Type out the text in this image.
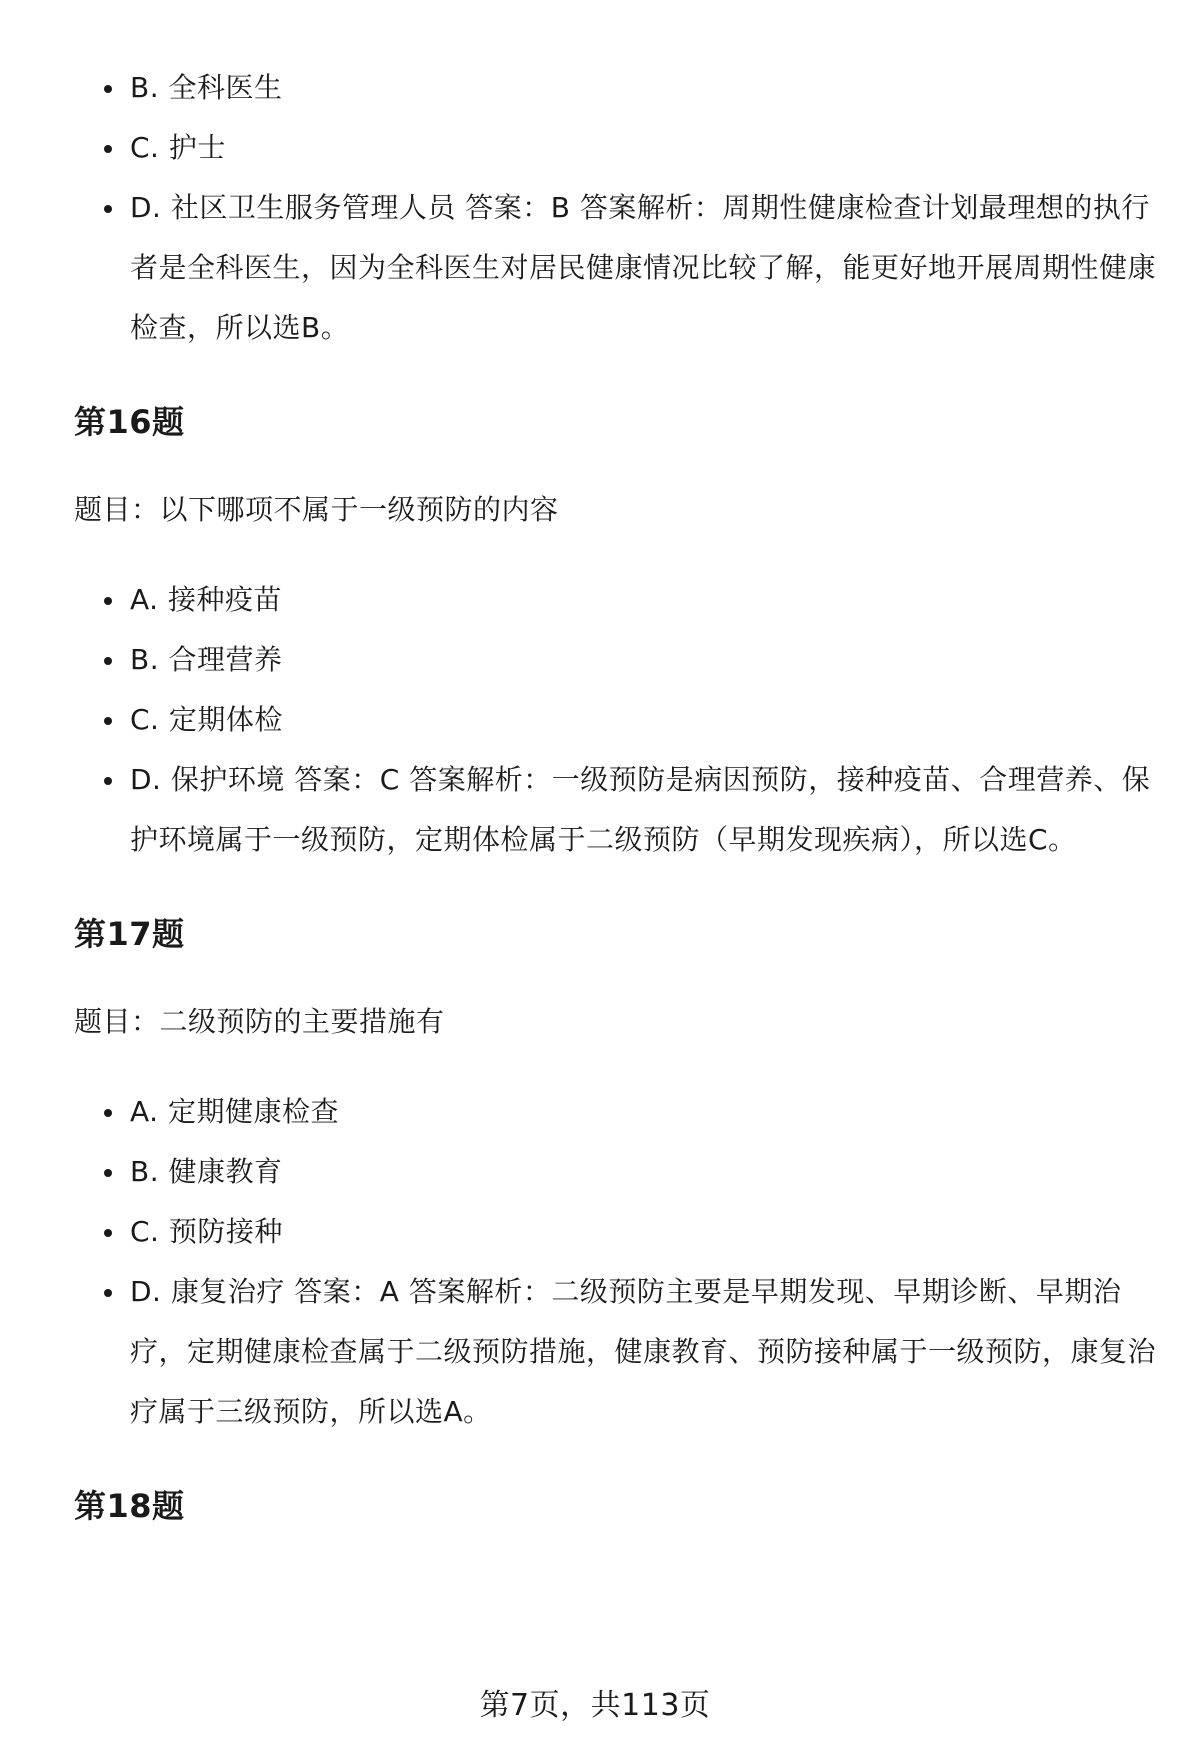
B. 全科医生
C. 护士
D. 社区卫生服务管理人员 答案：B 答案解析：周期性健康检查计划最理想的执行者是全科医生，因为全科医生对居民健康情况比较了解，能更好地开展周期性健康检查，所以选B。
第16题

题目：以下哪项不属于一级预防的内容

A. 接种疫苗
B. 合理营养
C. 定期体检
D. 保护环境 答案：C 答案解析：一级预防是病因预防，接种疫苗、合理营养、保护环境属于一级预防，定期体检属于二级预防（早期发现疾病），所以选C。
第17题

题目：二级预防的主要措施有

A. 定期健康检查
B. 健康教育
C. 预防接种
D. 康复治疗 答案：A 答案解析：二级预防主要是早期发现、早期诊断、早期治疗，定期健康检查属于二级预防措施，健康教育、预防接种属于一级预防，康复治疗属于三级预防，所以选A。
第18题
第7页，共113页
